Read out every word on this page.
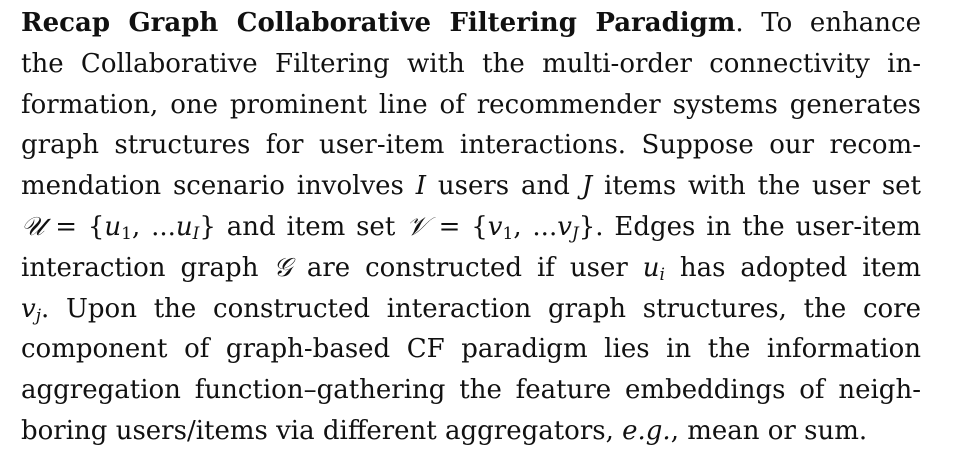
Recap Graph Collaborative Filtering Paradigm. To enhance
the Collaborative Filtering with the multi-order connectivity in-
formation, one prominent line of recommender systems generates
graph structures for user-item interactions. Suppose our recom-
mendation scenario involves I users and J items with the user set
𝒰 = {$u_1$, $...u_I$} and item set 𝒱 = {$v_1$, $...v_J$}. Edges in the user-item
interaction graph 𝒢 are constructed if user $u_i$ has adopted item
$v_j$. Upon the constructed interaction graph structures, the core
component of graph-based CF paradigm lies in the information
aggregation function–gathering the feature embeddings of neigh-
boring users/items via different aggregators, e.g., mean or sum.
